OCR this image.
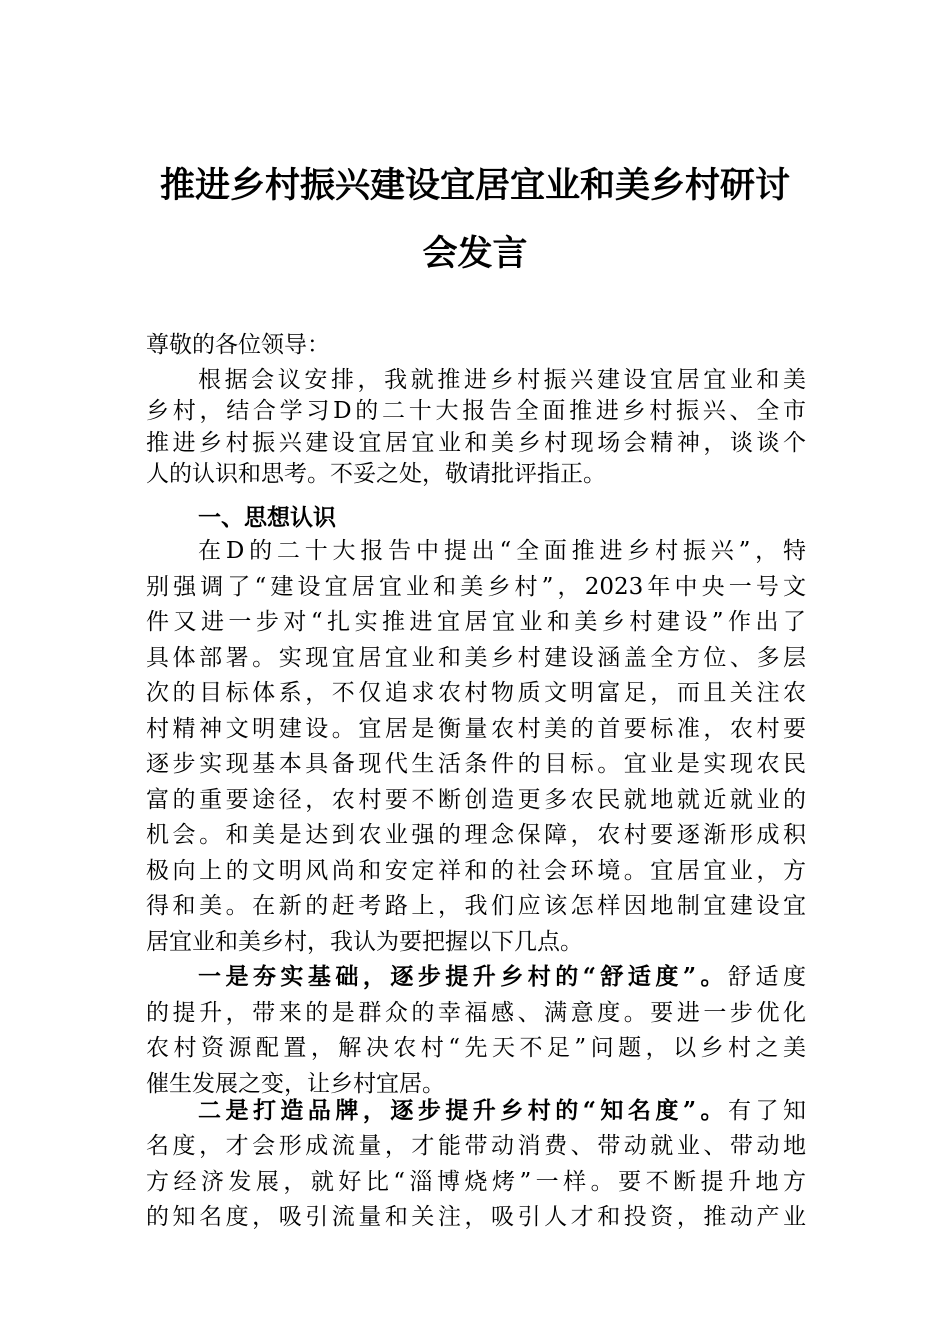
推进乡村振兴建设宜居宜业和美乡村研讨
会发言
尊敬的各位领导：
根据会议安排，我就推进乡村振兴建设宜居宜业和美
乡村，结合学习D的二十大报告全面推进乡村振兴、全市
推进乡村振兴建设宜居宜业和美乡村现场会精神，谈谈个
人的认识和思考。不妥之处，敬请批评指正。
一、思想认识
在D的二十大报告中提出“全面推进乡村振兴”，特
别强调了“建设宜居宜业和美乡村”，2023年中央一号文
件又进一步对“扎实推进宜居宜业和美乡村建设”作出了
具体部署。实现宜居宜业和美乡村建设涵盖全方位、多层
次的目标体系，不仅追求农村物质文明富足，而且关注农
村精神文明建设。宜居是衡量农村美的首要标准，农村要
逐步实现基本具备现代生活条件的目标。宜业是实现农民
富的重要途径，农村要不断创造更多农民就地就近就业的
机会。和美是达到农业强的理念保障，农村要逐渐形成积
极向上的文明风尚和安定祥和的社会环境。宜居宜业，方
得和美。在新的赶考路上，我们应该怎样因地制宜建设宜
居宜业和美乡村，我认为要把握以下几点。
一是夯实基础，逐步提升乡村的“舒适度”。舒适度
的提升，带来的是群众的幸福感、满意度。要进一步优化
农村资源配置，解决农村“先天不足”问题，以乡村之美
催生发展之变，让乡村宜居。
二是打造品牌，逐步提升乡村的“知名度”。有了知
名度，才会形成流量，才能带动消费、带动就业、带动地
方经济发展，就好比“淄博烧烤”一样。要不断提升地方
的知名度，吸引流量和关注，吸引人才和投资，推动产业
